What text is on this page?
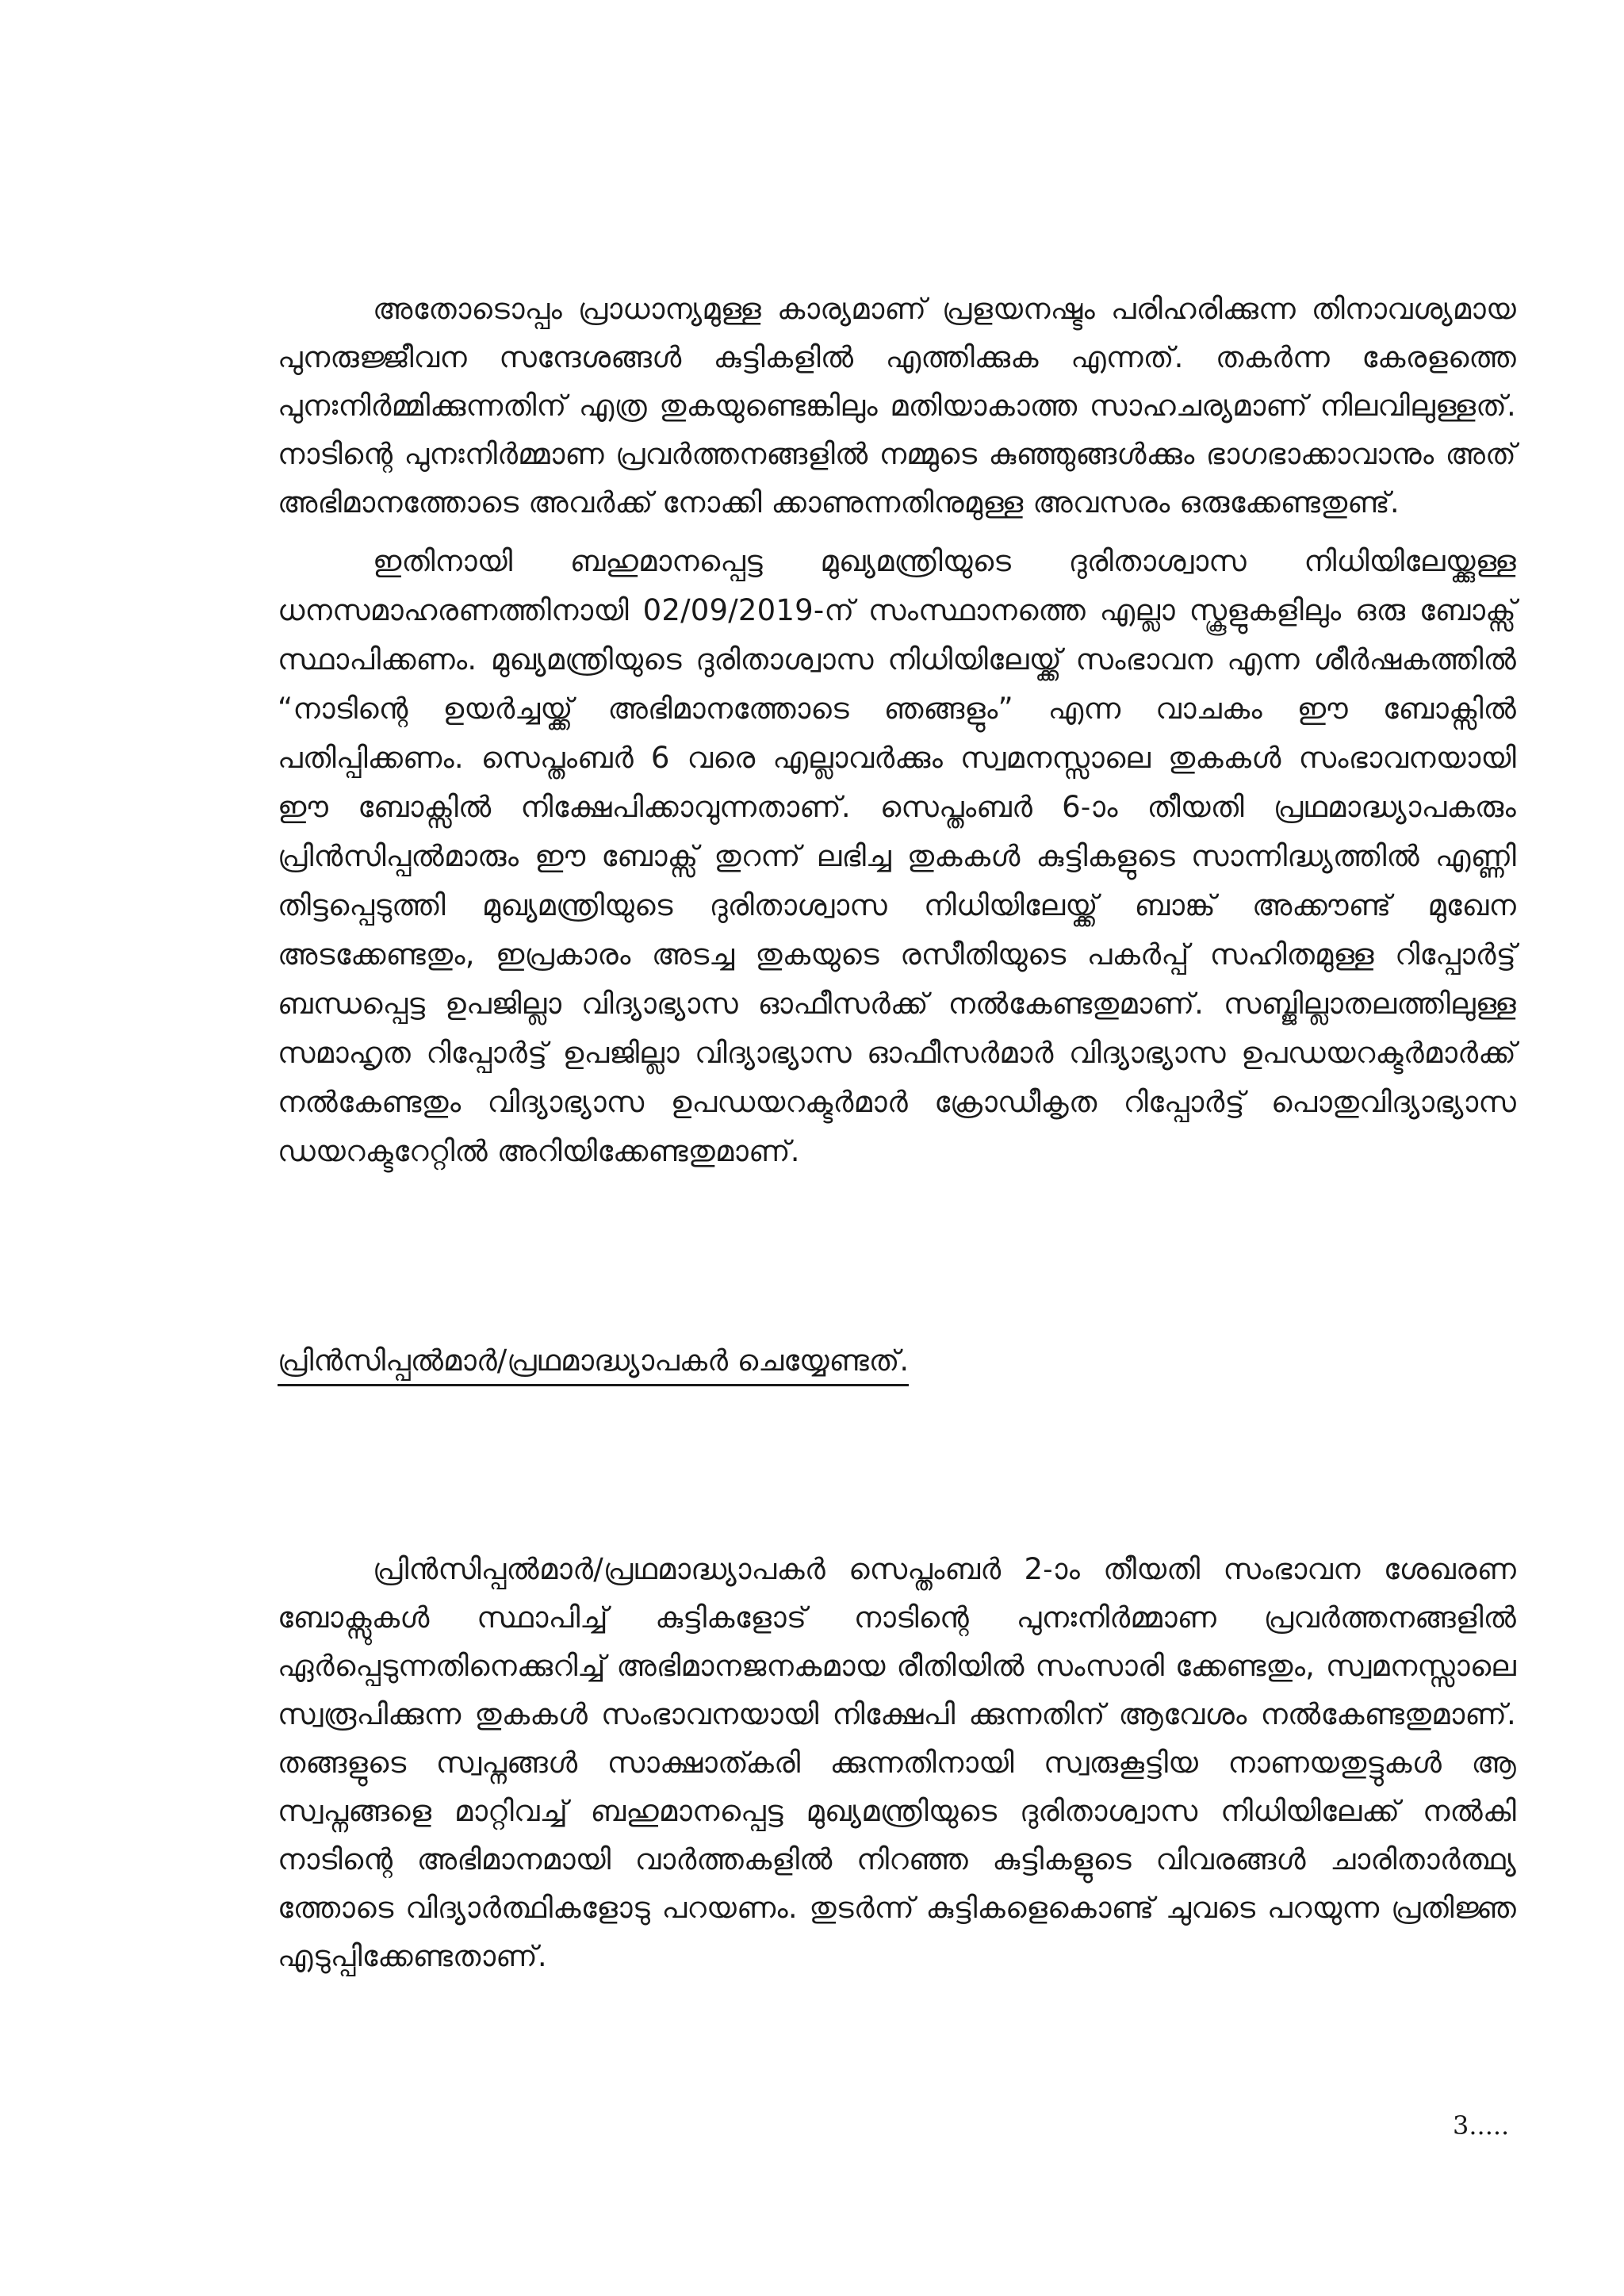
അതോടൊപ്പം പ്രാധാന്യമുള്ള കാര്യമാണ് പ്രളയനഷ്ടം പരിഹരിക്കുന്ന തിനാവശ്യമായ പുനരുജ്ജീവന സന്ദേശങ്ങൾ കുട്ടികളിൽ എത്തിക്കുക എന്നത്. തകർന്ന കേരളത്തെ പുനഃനിർമ്മിക്കുന്നതിന് എത്ര തുകയുണ്ടെങ്കിലും മതിയാകാത്ത സാഹചര്യമാണ് നിലവിലുള്ളത്. നാടിന്റെ പുനഃനിർമ്മാണ പ്രവർത്തനങ്ങളിൽ നമ്മുടെ കുഞ്ഞുങ്ങൾക്കും ഭാഗഭാക്കാവാനും അത് അഭിമാനത്തോടെ അവർക്ക് നോക്കി ക്കാണുന്നതിനുമുള്ള അവസരം ഒരുക്കേണ്ടതുണ്ട്.

ഇതിനായി ബഹുമാനപ്പെട്ട മുഖ്യമന്ത്രിയുടെ ദുരിതാശ്വാസ നിധിയിലേയ്ക്കുള്ള ധനസമാഹരണത്തിനായി 02/09/2019-ന് സംസ്ഥാനത്തെ എല്ലാ സ്കൂളുകളിലും ഒരു ബോക്സ് സ്ഥാപിക്കണം. മുഖ്യമന്ത്രിയുടെ ദുരിതാശ്വാസ നിധിയിലേയ്ക്ക് സംഭാവന എന്ന ശീർഷകത്തിൽ “നാടിന്റെ ഉയർച്ചയ്ക്ക് അഭിമാനത്തോടെ ഞങ്ങളും” എന്ന വാചകം ഈ ബോക്സിൽ പതിപ്പിക്കണം. സെപ്തംബർ 6 വരെ എല്ലാവർക്കും സ്വമനസ്സാലെ തുകകൾ സംഭാവനയായി ഈ ബോക്സിൽ നിക്ഷേപിക്കാവുന്നതാണ്. സെപ്തംബർ 6-ാം തീയതി പ്രഥമാദ്ധ്യാപകരും പ്രിൻസിപ്പൽമാരും ഈ ബോക്സ് തുറന്ന് ലഭിച്ച തുകകൾ കുട്ടികളുടെ സാന്നിദ്ധ്യത്തിൽ എണ്ണി തിട്ടപ്പെടുത്തി മുഖ്യമന്ത്രിയുടെ ദുരിതാശ്വാസ നിധിയിലേയ്ക്ക് ബാങ്ക് അക്കൗണ്ട് മുഖേന അടക്കേണ്ടതും, ഇപ്രകാരം അടച്ച തുകയുടെ രസീതിയുടെ പകർപ്പ് സഹിതമുള്ള റിപ്പോർട്ട് ബന്ധപ്പെട്ട ഉപജില്ലാ വിദ്യാഭ്യാസ ഓഫീസർക്ക് നൽകേണ്ടതുമാണ്. സബ്ജില്ലാതലത്തിലുള്ള സമാഹൃത റിപ്പോർട്ട് ഉപജില്ലാ വിദ്യാഭ്യാസ ഓഫീസർമാർ വിദ്യാഭ്യാസ ഉപഡയറക്ടർമാർക്ക് നൽകേണ്ടതും വിദ്യാഭ്യാസ ഉപഡയറക്ടർമാർ ക്രോഡീകൃത റിപ്പോർട്ട് പൊതുവിദ്യാഭ്യാസ ഡയറക്ടറേറ്റിൽ അറിയിക്കേണ്ടതുമാണ്.

പ്രിൻസിപ്പൽമാർ/പ്രഥമാദ്ധ്യാപകർ ചെയ്യേണ്ടത്.

പ്രിൻസിപ്പൽമാർ/പ്രഥമാദ്ധ്യാപകർ സെപ്തംബർ 2-ാം തീയതി സംഭാവന ശേഖരണ ബോക്സുകൾ സ്ഥാപിച്ച് കുട്ടികളോട് നാടിന്റെ പുനഃനിർമ്മാണ പ്രവർത്തനങ്ങളിൽ ഏർപ്പെടുന്നതിനെക്കുറിച്ച് അഭിമാനജനകമായ രീതിയിൽ സംസാരി ക്കേണ്ടതും, സ്വമനസ്സാലെ സ്വരൂപിക്കുന്ന തുകകൾ സംഭാവനയായി നിക്ഷേപി ക്കുന്നതിന് ആവേശം നൽകേണ്ടതുമാണ്. തങ്ങളുടെ സ്വപ്നങ്ങൾ സാക്ഷാത്കരി ക്കുന്നതിനായി സ്വരുകൂട്ടിയ നാണയതുട്ടുകൾ ആ സ്വപ്നങ്ങളെ മാറ്റിവച്ച് ബഹുമാനപ്പെട്ട മുഖ്യമന്ത്രിയുടെ ദുരിതാശ്വാസ നിധിയിലേക്ക് നൽകി നാടിന്റെ അഭിമാനമായി വാർത്തകളിൽ നിറഞ്ഞ കുട്ടികളുടെ വിവരങ്ങൾ ചാരിതാർത്ഥ്യ ത്തോടെ വിദ്യാർത്ഥികളോടു പറയണം. തുടർന്ന് കുട്ടികളെകൊണ്ട് ചുവടെ പറയുന്ന പ്രതിജ്ഞ എടുപ്പിക്കേണ്ടതാണ്.

3.....
